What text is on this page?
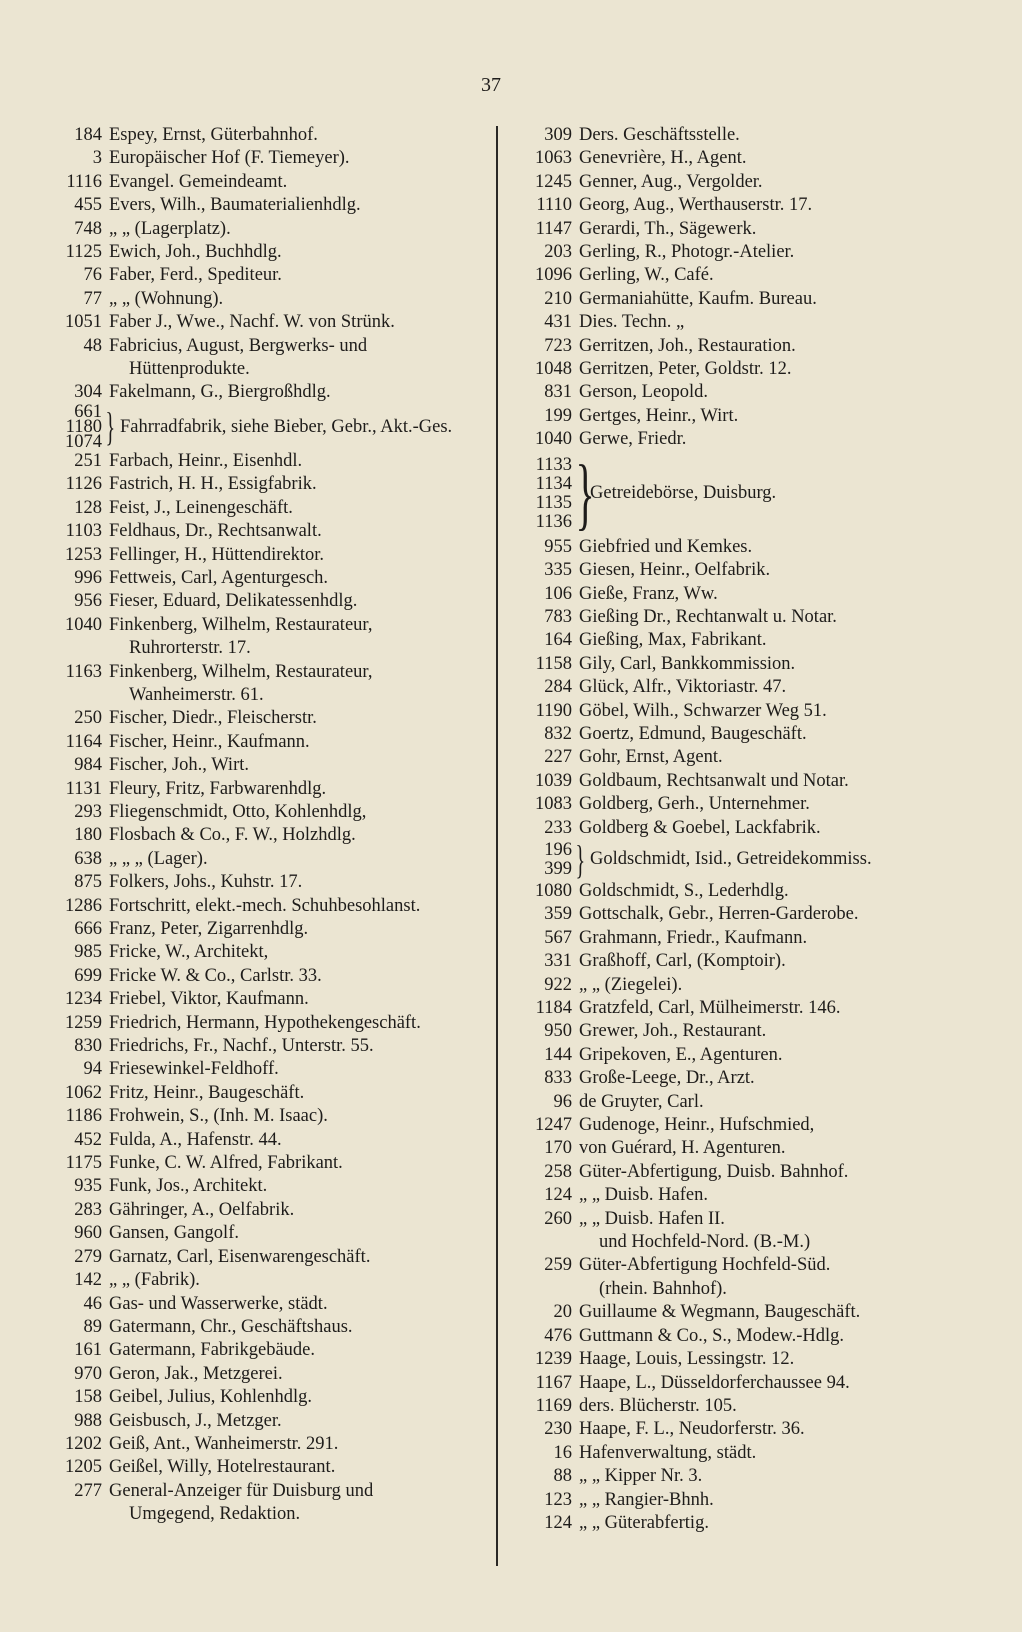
37
184 Espey, Ernst, Güterbahnhof.
3 Europäischer Hof (F. Tiemeyer).
1116 Evangel. Gemeindeamt.
455 Evers, Wilh., Baumaterialienhdlg.
748 „ „ (Lagerplatz).
1125 Ewich, Joh., Buchhdlg.
76 Faber, Ferd., Spediteur.
77 „ „ (Wohnung).
1051 Faber J., Wwe., Nachf. W. von Strünk.
48 Fabricius, August, Bergwerks- und
Hüttenprodukte.
304 Fakelmann, G., Biergroßhdlg.
661
1180
1074 } Fahrradfabrik, siehe Bieber, Gebr., Akt.-Ges.
251 Farbach, Heinr., Eisenhdl.
1126 Fastrich, H. H., Essigfabrik.
128 Feist, J., Leinengeschäft.
1103 Feldhaus, Dr., Rechtsanwalt.
1253 Fellinger, H., Hüttendirektor.
996 Fettweis, Carl, Agenturgesch.
956 Fieser, Eduard, Delikatessenhdlg.
1040 Finkenberg, Wilhelm, Restaurateur,
Ruhrorterstr. 17.
1163 Finkenberg, Wilhelm, Restaurateur,
Wanheimerstr. 61.
250 Fischer, Diedr., Fleischerstr.
1164 Fischer, Heinr., Kaufmann.
984 Fischer, Joh., Wirt.
1131 Fleury, Fritz, Farbwarenhdlg.
293 Fliegenschmidt, Otto, Kohlenhdlg,
180 Flosbach & Co., F. W., Holzhdlg.
638 „ „ „ (Lager).
875 Folkers, Johs., Kuhstr. 17.
1286 Fortschritt, elekt.-mech. Schuhbesohlanst.
666 Franz, Peter, Zigarrenhdlg.
985 Fricke, W., Architekt,
699 Fricke W. & Co., Carlstr. 33.
1234 Friebel, Viktor, Kaufmann.
1259 Friedrich, Hermann, Hypothekengeschäft.
830 Friedrichs, Fr., Nachf., Unterstr. 55.
94 Friesewinkel-Feldhoff.
1062 Fritz, Heinr., Baugeschäft.
1186 Frohwein, S., (Inh. M. Isaac).
452 Fulda, A., Hafenstr. 44.
1175 Funke, C. W. Alfred, Fabrikant.
935 Funk, Jos., Architekt.
283 Gähringer, A., Oelfabrik.
960 Gansen, Gangolf.
279 Garnatz, Carl, Eisenwarengeschäft.
142 „ „ (Fabrik).
46 Gas- und Wasserwerke, städt.
89 Gatermann, Chr., Geschäftshaus.
161 Gatermann, Fabrikgebäude.
970 Geron, Jak., Metzgerei.
158 Geibel, Julius, Kohlenhdlg.
988 Geisbusch, J., Metzger.
1202 Geiß, Ant., Wanheimerstr. 291.
1205 Geißel, Willy, Hotelrestaurant.
277 General-Anzeiger für Duisburg und
Umgegend, Redaktion.
309 Ders. Geschäftsstelle.
1063 Genevrière, H., Agent.
1245 Genner, Aug., Vergolder.
1110 Georg, Aug., Werthauserstr. 17.
1147 Gerardi, Th., Sägewerk.
203 Gerling, R., Photogr.-Atelier.
1096 Gerling, W., Café.
210 Germaniahütte, Kaufm. Bureau.
431 Dies. Techn. „
723 Gerritzen, Joh., Restauration.
1048 Gerritzen, Peter, Goldstr. 12.
831 Gerson, Leopold.
199 Gertges, Heinr., Wirt.
1040 Gerwe, Friedr.
1133
1134
1135
1136 }
Getreidebörse, Duisburg.
955 Giebfried und Kemkes.
335 Giesen, Heinr., Oelfabrik.
106 Gieße, Franz, Ww.
783 Gießing Dr., Rechtanwalt u. Notar.
164 Gießing, Max, Fabrikant.
1158 Gily, Carl, Bankkommission.
284 Glück, Alfr., Viktoriastr. 47.
1190 Göbel, Wilh., Schwarzer Weg 51.
832 Goertz, Edmund, Baugeschäft.
227 Gohr, Ernst, Agent.
1039 Goldbaum, Rechtsanwalt und Notar.
1083 Goldberg, Gerh., Unternehmer.
233 Goldberg & Goebel, Lackfabrik.
196
399 } Goldschmidt, Isid., Getreidekommiss.
1080 Goldschmidt, S., Lederhdlg.
359 Gottschalk, Gebr., Herren-Garderobe.
567 Grahmann, Friedr., Kaufmann.
331 Graßhoff, Carl, (Komptoir).
922 „ „ (Ziegelei).
1184 Gratzfeld, Carl, Mülheimerstr. 146.
950 Grewer, Joh., Restaurant.
144 Gripekoven, E., Agenturen.
833 Große-Leege, Dr., Arzt.
96 de Gruyter, Carl.
1247 Gudenoge, Heinr., Hufschmied,
170 von Guérard, H. Agenturen.
258 Güter-Abfertigung, Duisb. Bahnhof.
124 „ „ Duisb. Hafen.
260 „ „ Duisb. Hafen II.
und Hochfeld-Nord. (B.-M.)
259 Güter-Abfertigung Hochfeld-Süd.
(rhein. Bahnhof).
20 Guillaume & Wegmann, Baugeschäft.
476 Guttmann & Co., S., Modew.-Hdlg.
1239 Haage, Louis, Lessingstr. 12.
1167 Haape, L., Düsseldorferchaussee 94.
1169 ders. Blücherstr. 105.
230 Haape, F. L., Neudorferstr. 36.
16 Hafenverwaltung, städt.
88 „ „ Kipper Nr. 3.
123 „ „ Rangier-Bhnh.
124 „ „ Güterabfertig.
